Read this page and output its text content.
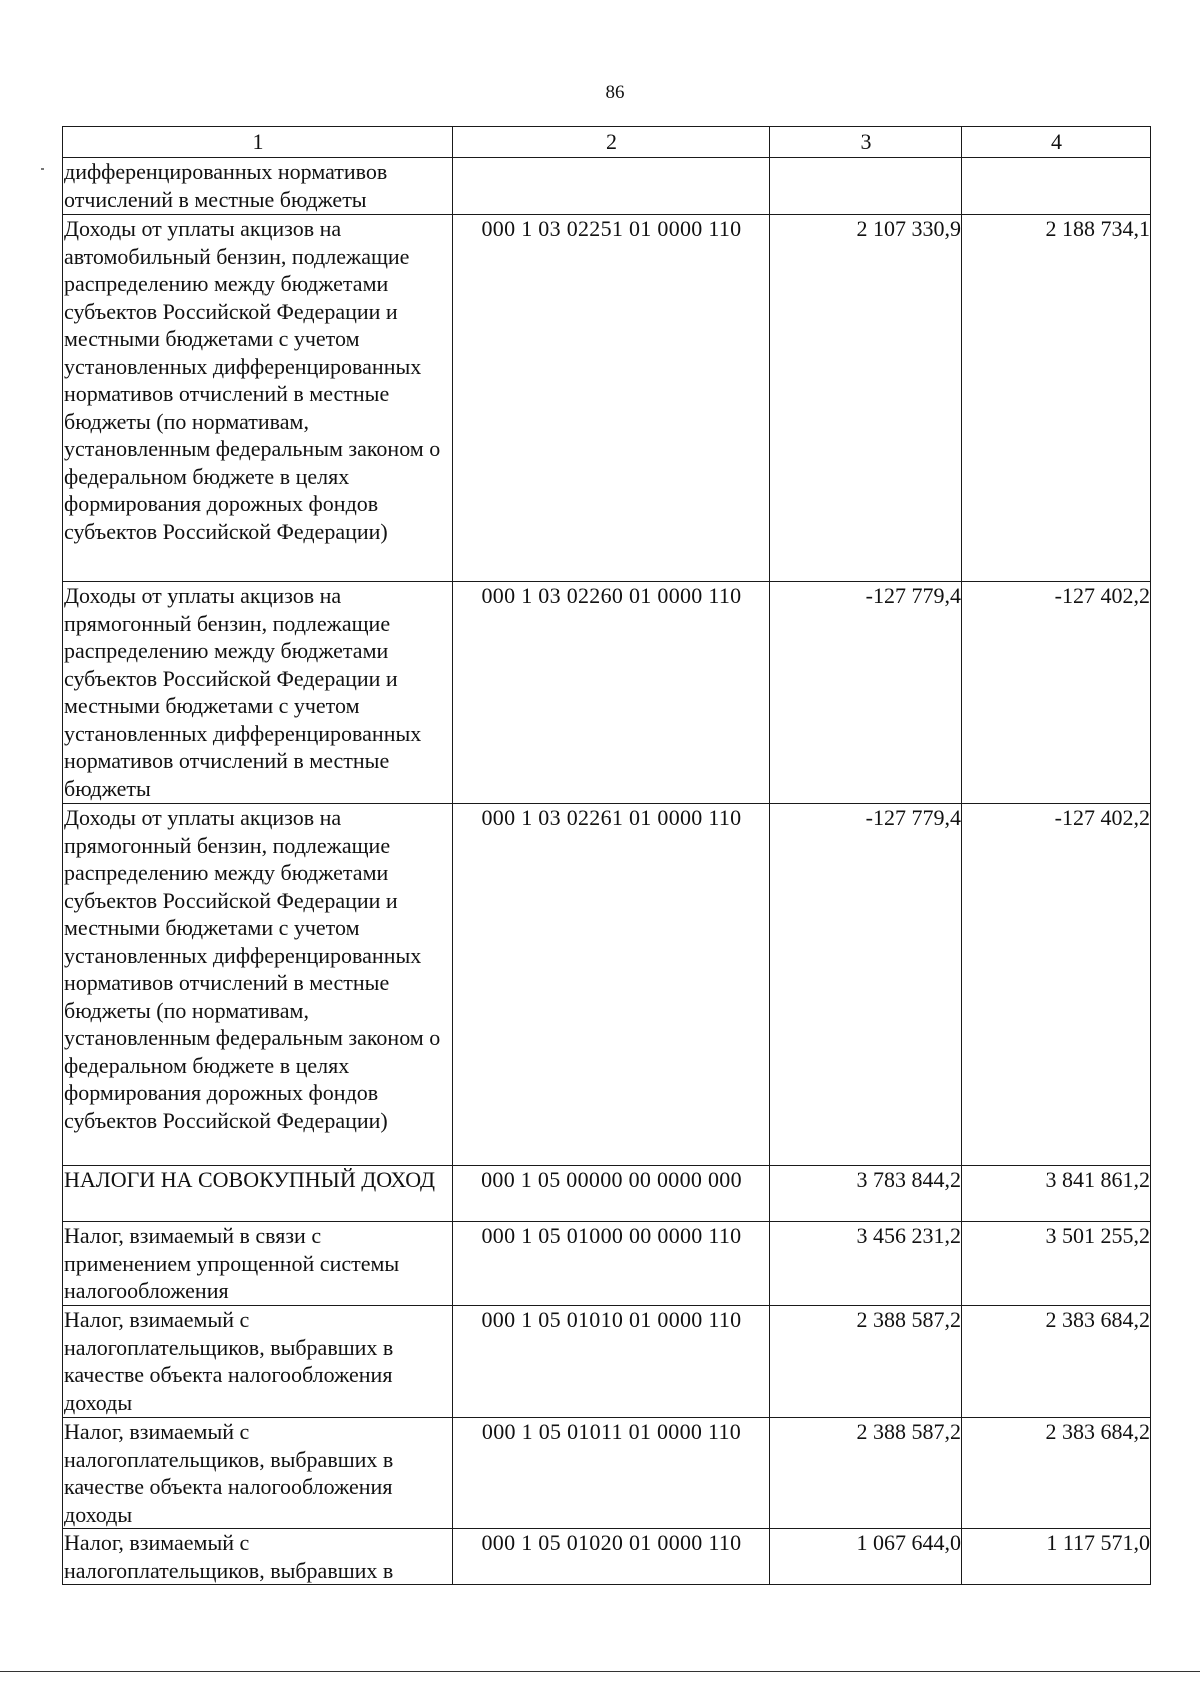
86
1	2	3	4
дифференцированных нормативов отчислений в местные бюджеты			
Доходы от уплаты акцизов на автомобильный бензин, подлежащие распределению между бюджетами субъектов Российской Федерации и местными бюджетами с учетом установленных дифференцированных нормативов отчислений в местные бюджеты (по нормативам, установленным федеральным законом о федеральном бюджете в целях формирования дорожных фондов субъектов Российской Федерации)	000 1 03 02251 01 0000 110	2 107 330,9	2 188 734,1
Доходы от уплаты акцизов на прямогонный бензин, подлежащие распределению между бюджетами субъектов Российской Федерации и местными бюджетами с учетом установленных дифференцированных нормативов отчислений в местные бюджеты	000 1 03 02260 01 0000 110	-127 779,4	-127 402,2
Доходы от уплаты акцизов на прямогонный бензин, подлежащие распределению между бюджетами субъектов Российской Федерации и местными бюджетами с учетом установленных дифференцированных нормативов отчислений в местные бюджеты (по нормативам, установленным федеральным законом о федеральном бюджете в целях формирования дорожных фондов субъектов Российской Федерации)	000 1 03 02261 01 0000 110	-127 779,4	-127 402,2
НАЛОГИ НА СОВОКУПНЫЙ ДОХОД	000 1 05 00000 00 0000 000	3 783 844,2	3 841 861,2
Налог, взимаемый в связи с применением упрощенной системы налогообложения	000 1 05 01000 00 0000 110	3 456 231,2	3 501 255,2
Налог, взимаемый с налогоплательщиков, выбравших в качестве объекта налогообложения доходы	000 1 05 01010 01 0000 110	2 388 587,2	2 383 684,2
Налог, взимаемый с налогоплательщиков, выбравших в качестве объекта налогообложения доходы	000 1 05 01011 01 0000 110	2 388 587,2	2 383 684,2
Налог, взимаемый с налогоплательщиков, выбравших в	000 1 05 01020 01 0000 110	1 067 644,0	1 117 571,0
